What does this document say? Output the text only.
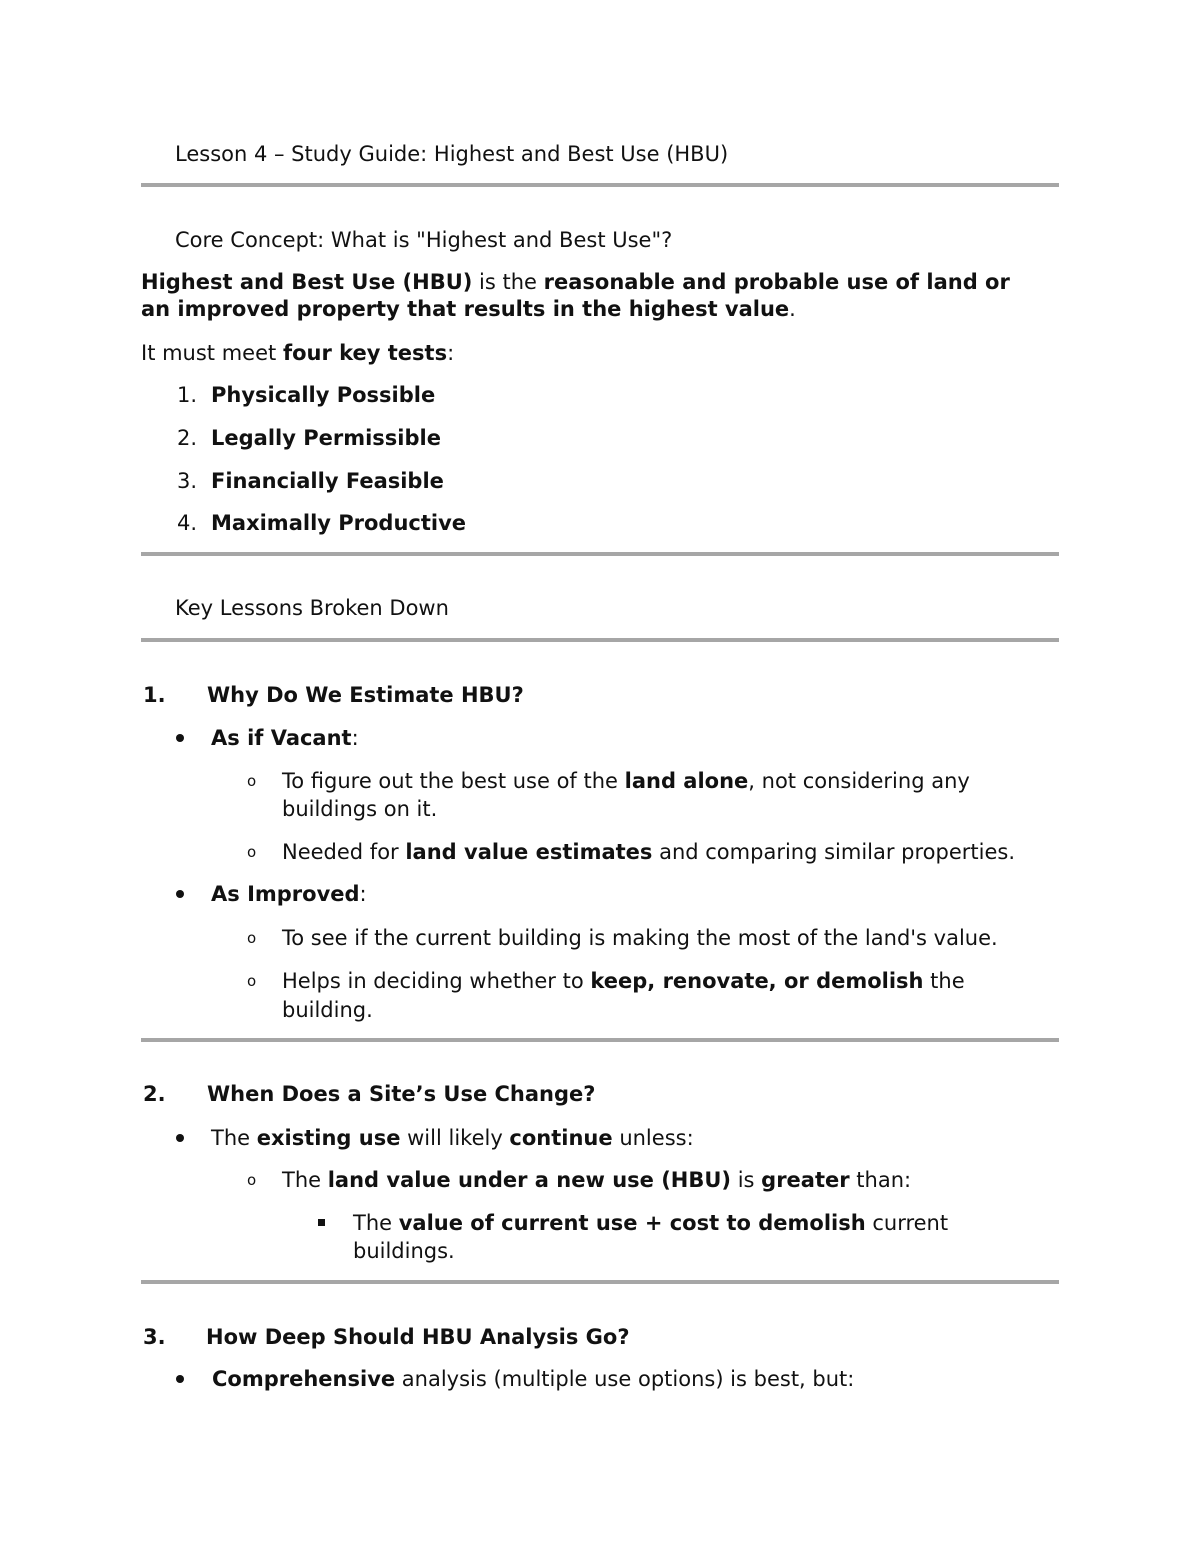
Lesson 4 – Study Guide: Highest and Best Use (HBU)
Core Concept: What is "Highest and Best Use"?
Highest and Best Use (HBU) is the reasonable and probable use of land or
an improved property that results in the highest value.
It must meet four key tests:
1. Physically Possible
2. Legally Permissible
3. Financially Feasible
4. Maximally Productive
Key Lessons Broken Down
1. Why Do We Estimate HBU?
As if Vacant:
o To figure out the best use of the land alone, not considering any
buildings on it.
o Needed for land value estimates and comparing similar properties.
As Improved:
o To see if the current building is making the most of the land's value.
o Helps in deciding whether to keep, renovate, or demolish the
building.
2. When Does a Site’s Use Change?
The existing use will likely continue unless:
o The land value under a new use (HBU) is greater than:
The value of current use + cost to demolish current
buildings.
3. How Deep Should HBU Analysis Go?
Comprehensive analysis (multiple use options) is best, but:
